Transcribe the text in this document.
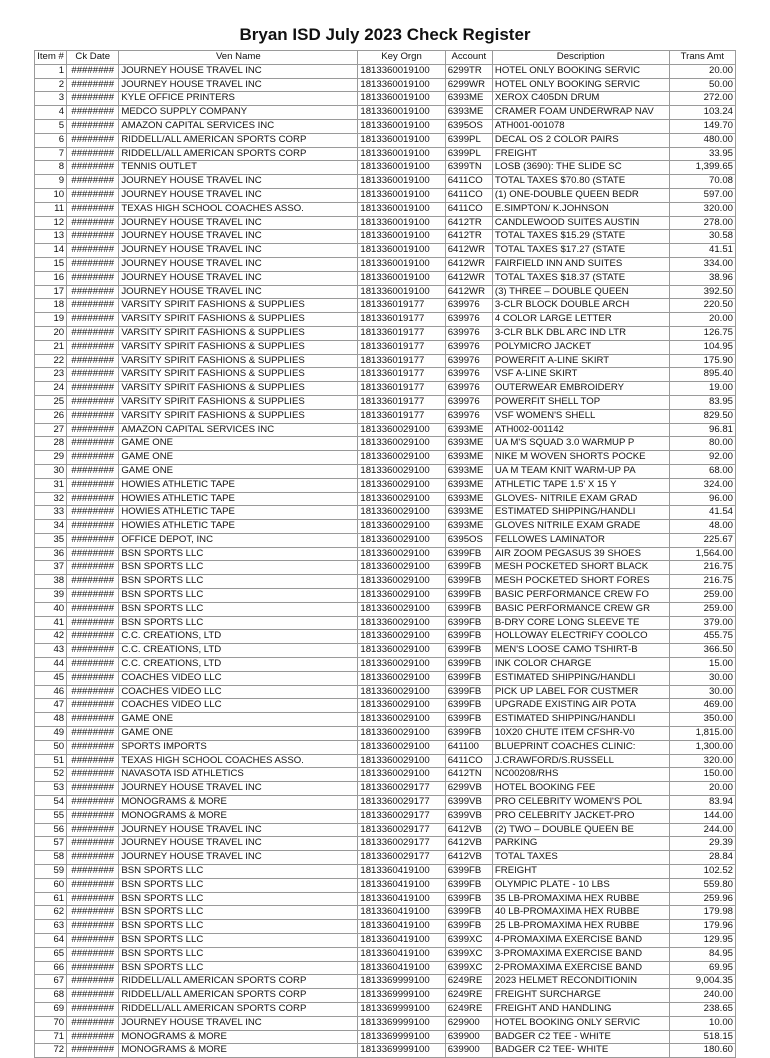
Bryan ISD July 2023 Check Register
Item #	Ck Date	Ven Name	Key Orgn	Account	Description	Trans Amt
1	########	JOURNEY HOUSE TRAVEL INC	1813360019100	6299TR	HOTEL ONLY BOOKING SERVIC	20.00
2	########	JOURNEY HOUSE TRAVEL INC	1813360019100	6299WR	HOTEL ONLY BOOKING SERVIC	50.00
3	########	KYLE OFFICE PRINTERS	1813360019100	6393ME	XEROX C405DN DRUM	272.00
4	########	MEDCO SUPPLY COMPANY	1813360019100	6393ME	CRAMER FOAM UNDERWRAP NAV	103.24
5	########	AMAZON CAPITAL SERVICES INC	1813360019100	6395OS	ATH001-001078	149.70
6	########	RIDDELL/ALL AMERICAN SPORTS CORP	1813360019100	6399PL	DECAL OS 2 COLOR PAIRS	480.00
7	########	RIDDELL/ALL AMERICAN SPORTS CORP	1813360019100	6399PL	FREIGHT	33.95
8	########	TENNIS OUTLET	1813360019100	6399TN	LOSB (3690): THE SLIDE SC	1,399.65
9	########	JOURNEY HOUSE TRAVEL INC	1813360019100	6411CO	TOTAL TAXES $70.80 (STATE	70.08
10	########	JOURNEY HOUSE TRAVEL INC	1813360019100	6411CO	(1) ONE-DOUBLE QUEEN BEDR	597.00
11	########	TEXAS HIGH SCHOOL COACHES ASSO.	1813360019100	6411CO	E.SIMPTON/ K.JOHNSON	320.00
12	########	JOURNEY HOUSE TRAVEL INC	1813360019100	6412TR	CANDLEWOOD SUITES AUSTIN	278.00
13	########	JOURNEY HOUSE TRAVEL INC	1813360019100	6412TR	TOTAL TAXES $15.29 (STATE	30.58
14	########	JOURNEY HOUSE TRAVEL INC	1813360019100	6412WR	TOTAL TAXES $17.27 (STATE	41.51
15	########	JOURNEY HOUSE TRAVEL INC	1813360019100	6412WR	FAIRFIELD INN AND SUITES	334.00
16	########	JOURNEY HOUSE TRAVEL INC	1813360019100	6412WR	TOTAL TAXES $18.37 (STATE	38.96
17	########	JOURNEY HOUSE TRAVEL INC	1813360019100	6412WR	(3) THREE – DOUBLE QUEEN	392.50
18	########	VARSITY SPIRIT FASHIONS & SUPPLIES	181336019177	639976	3-CLR BLOCK DOUBLE ARCH	220.50
19	########	VARSITY SPIRIT FASHIONS & SUPPLIES	181336019177	639976	4 COLOR LARGE LETTER	20.00
20	########	VARSITY SPIRIT FASHIONS & SUPPLIES	181336019177	639976	3-CLR BLK DBL ARC IND LTR	126.75
21	########	VARSITY SPIRIT FASHIONS & SUPPLIES	181336019177	639976	POLYMICRO JACKET	104.95
22	########	VARSITY SPIRIT FASHIONS & SUPPLIES	181336019177	639976	POWERFIT A-LINE SKIRT	175.90
23	########	VARSITY SPIRIT FASHIONS & SUPPLIES	181336019177	639976	VSF A-LINE SKIRT	895.40
24	########	VARSITY SPIRIT FASHIONS & SUPPLIES	181336019177	639976	OUTERWEAR EMBROIDERY	19.00
25	########	VARSITY SPIRIT FASHIONS & SUPPLIES	181336019177	639976	POWERFIT SHELL TOP	83.95
26	########	VARSITY SPIRIT FASHIONS & SUPPLIES	181336019177	639976	VSF WOMEN'S SHELL	829.50
27	########	AMAZON CAPITAL SERVICES INC	1813360029100	6393ME	ATH002-001142	96.81
28	########	GAME ONE	1813360029100	6393ME	UA M'S SQUAD 3.0 WARMUP P	80.00
29	########	GAME ONE	1813360029100	6393ME	NIKE M WOVEN SHORTS POCKE	92.00
30	########	GAME ONE	1813360029100	6393ME	UA M TEAM KNIT WARM-UP PA	68.00
31	########	HOWIES ATHLETIC TAPE	1813360029100	6393ME	ATHLETIC TAPE 1.5' X 15 Y	324.00
32	########	HOWIES ATHLETIC TAPE	1813360029100	6393ME	GLOVES- NITRILE EXAM GRAD	96.00
33	########	HOWIES ATHLETIC TAPE	1813360029100	6393ME	ESTIMATED SHIPPING/HANDLI	41.54
34	########	HOWIES ATHLETIC TAPE	1813360029100	6393ME	GLOVES NITRILE EXAM GRADE	48.00
35	########	OFFICE DEPOT, INC	1813360029100	6395OS	FELLOWES LAMINATOR	225.67
36	########	BSN SPORTS LLC	1813360029100	6399FB	AIR ZOOM PEGASUS 39 SHOES	1,564.00
37	########	BSN SPORTS LLC	1813360029100	6399FB	MESH POCKETED SHORT BLACK	216.75
38	########	BSN SPORTS LLC	1813360029100	6399FB	MESH POCKETED SHORT FORES	216.75
39	########	BSN SPORTS LLC	1813360029100	6399FB	BASIC PERFORMANCE CREW FO	259.00
40	########	BSN SPORTS LLC	1813360029100	6399FB	BASIC PERFORMANCE CREW GR	259.00
41	########	BSN SPORTS LLC	1813360029100	6399FB	B-DRY CORE LONG SLEEVE TE	379.00
42	########	C.C. CREATIONS, LTD	1813360029100	6399FB	HOLLOWAY ELECTRIFY COOLCO	455.75
43	########	C.C. CREATIONS, LTD	1813360029100	6399FB	MEN'S LOOSE CAMO TSHIRT-B	366.50
44	########	C.C. CREATIONS, LTD	1813360029100	6399FB	INK COLOR CHARGE	15.00
45	########	COACHES VIDEO LLC	1813360029100	6399FB	ESTIMATED SHIPPING/HANDLI	30.00
46	########	COACHES VIDEO LLC	1813360029100	6399FB	PICK UP LABEL FOR CUSTMER	30.00
47	########	COACHES VIDEO LLC	1813360029100	6399FB	UPGRADE EXISTING AIR POTA	469.00
48	########	GAME ONE	1813360029100	6399FB	ESTIMATED SHIPPING/HANDLI	350.00
49	########	GAME ONE	1813360029100	6399FB	10X20 CHUTE ITEM CFSHR-V0	1,815.00
50	########	SPORTS IMPORTS	1813360029100	641100	BLUEPRINT COACHES CLINIC:	1,300.00
51	########	TEXAS HIGH SCHOOL COACHES ASSO.	1813360029100	6411CO	J.CRAWFORD/S.RUSSELL	320.00
52	########	NAVASOTA ISD ATHLETICS	1813360029100	6412TN	NC00208/RHS	150.00
53	########	JOURNEY HOUSE TRAVEL INC	1813360029177	6299VB	HOTEL BOOKING FEE	20.00
54	########	MONOGRAMS & MORE	1813360029177	6399VB	PRO CELEBRITY WOMEN'S POL	83.94
55	########	MONOGRAMS & MORE	1813360029177	6399VB	PRO CELEBRITY JACKET-PRO	144.00
56	########	JOURNEY HOUSE TRAVEL INC	1813360029177	6412VB	(2) TWO – DOUBLE QUEEN BE	244.00
57	########	JOURNEY HOUSE TRAVEL INC	1813360029177	6412VB	PARKING	29.39
58	########	JOURNEY HOUSE TRAVEL INC	1813360029177	6412VB	TOTAL TAXES	28.84
59	########	BSN SPORTS LLC	1813360419100	6399FB	FREIGHT	102.52
60	########	BSN SPORTS LLC	1813360419100	6399FB	OLYMPIC PLATE - 10 LBS	559.80
61	########	BSN SPORTS LLC	1813360419100	6399FB	35 LB-PROMAXIMA HEX RUBBE	259.96
62	########	BSN SPORTS LLC	1813360419100	6399FB	40 LB-PROMAXIMA HEX RUBBE	179.98
63	########	BSN SPORTS LLC	1813360419100	6399FB	25 LB-PROMAXIMA HEX RUBBE	179.96
64	########	BSN SPORTS LLC	1813360419100	6399XC	4-PROMAXIMA EXERCISE BAND	129.95
65	########	BSN SPORTS LLC	1813360419100	6399XC	3-PROMAXIMA EXERCISE BAND	84.95
66	########	BSN SPORTS LLC	1813360419100	6399XC	2-PROMAXIMA EXERCISE BAND	69.95
67	########	RIDDELL/ALL AMERICAN SPORTS CORP	1813369999100	6249RE	2023 HELMET RECONDITIONIN	9,004.35
68	########	RIDDELL/ALL AMERICAN SPORTS CORP	1813369999100	6249RE	FREIGHT SURCHARGE	240.00
69	########	RIDDELL/ALL AMERICAN SPORTS CORP	1813369999100	6249RE	FREIGHT AND HANDLING	238.65
70	########	JOURNEY HOUSE TRAVEL INC	1813369999100	629900	HOTEL BOOKING ONLY SERVIC	10.00
71	########	MONOGRAMS & MORE	1813369999100	639900	BADGER C2 TEE - WHITE	518.15
72	########	MONOGRAMS & MORE	1813369999100	639900	BADGER C2 TEE- WHITE	180.60
